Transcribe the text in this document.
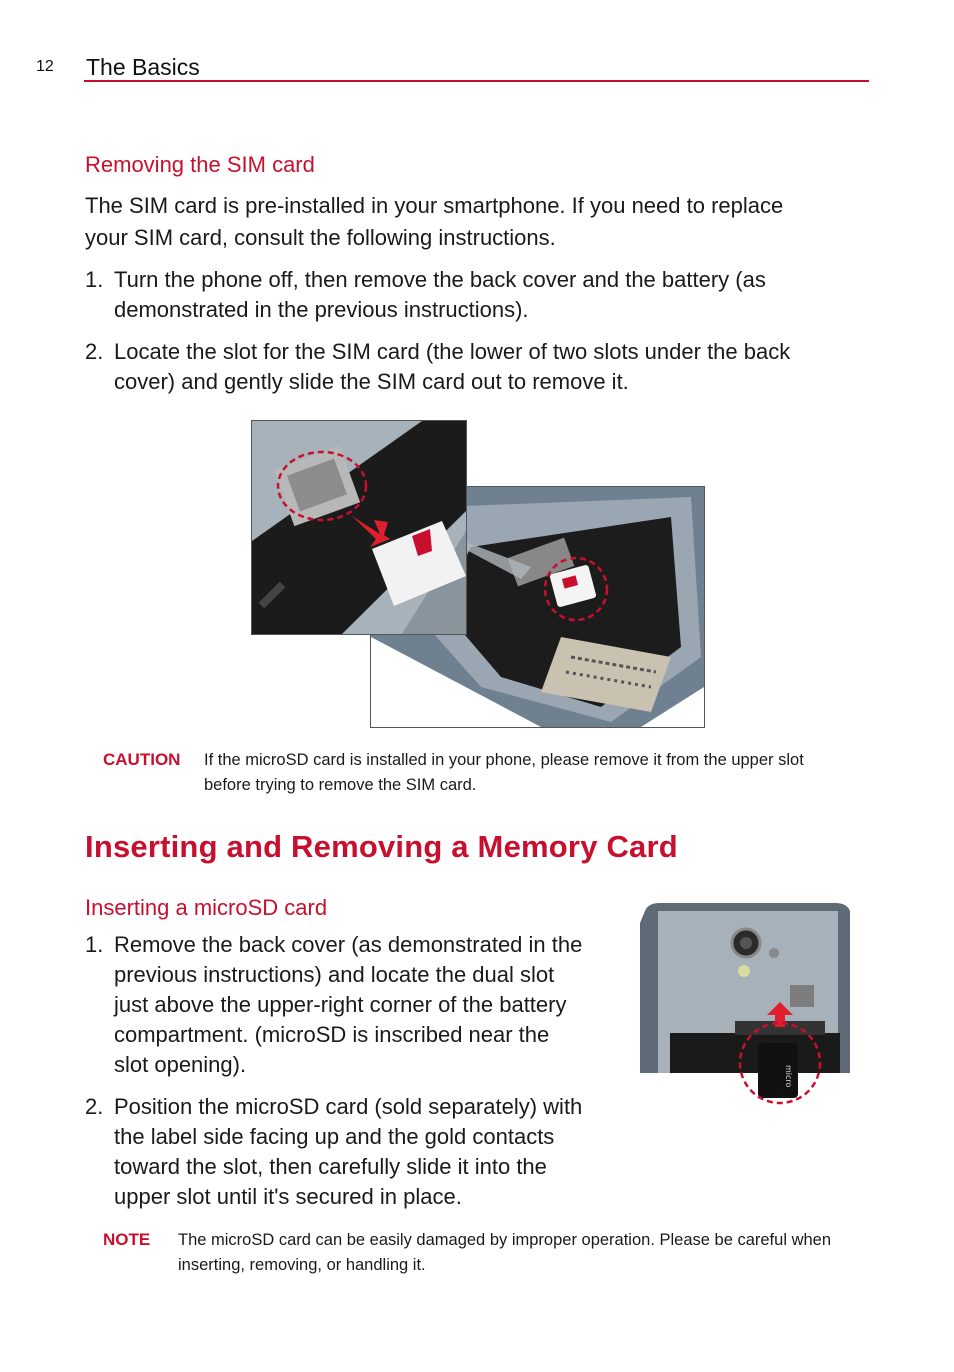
12 The Basics
Removing the SIM card
The SIM card is pre-installed in your smartphone. If you need to replace
your SIM card, consult the following instructions.
1. Turn the phone off, then remove the back cover and the battery (as
demonstrated in the previous instructions).
2. Locate the slot for the SIM card (the lower of two slots under the back
cover) and gently slide the SIM card out to remove it.
CAUTION If the microSD card is installed in your phone, please remove it from the upper slot
before trying to remove the SIM card.
Inserting and Removing a Memory Card
Inserting a microSD card
1. Remove the back cover (as demonstrated in the
previous instructions) and locate the dual slot
just above the upper-right corner of the battery
compartment. (microSD is inscribed near the
slot opening).
2. Position the microSD card (sold separately) with
the label side facing up and the gold contacts
toward the slot, then carefully slide it into the
upper slot until it's secured in place.
micro
NOTE The microSD card can be easily damaged by improper operation. Please be careful when
inserting, removing, or handling it.
